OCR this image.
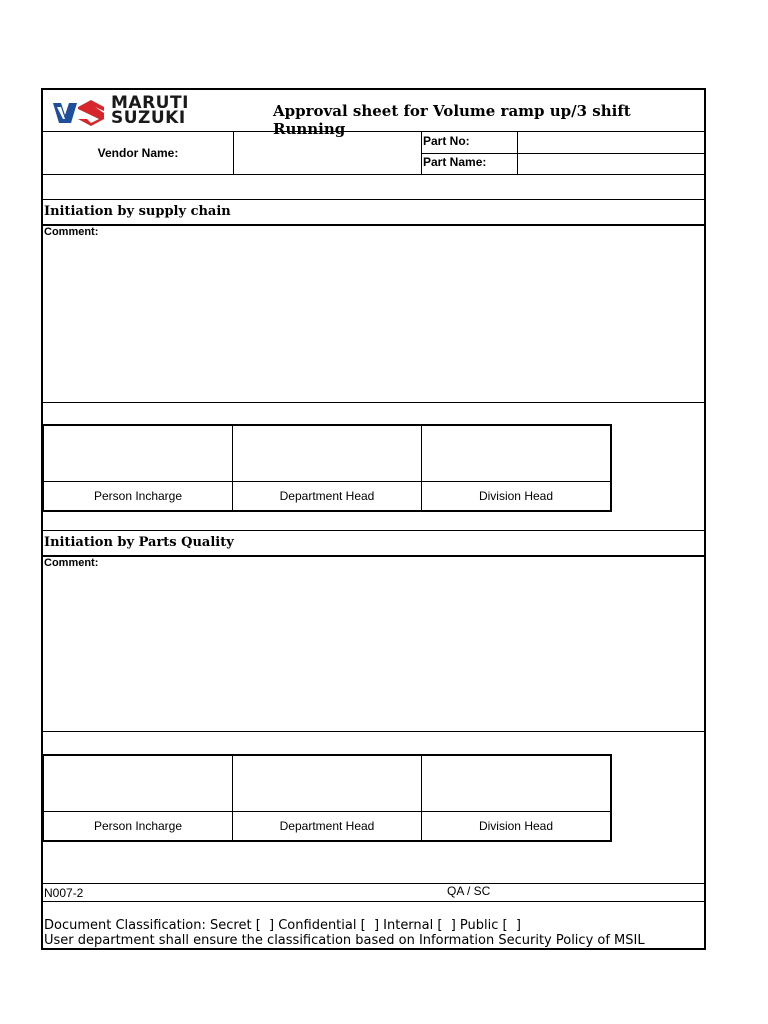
MARUTI
SUZUKI	Approval sheet for Volume ramp up/3 shift Running
Vendor Name:
Part No:
Part Name:
Initiation by supply chain
Comment:
Person Incharge	Department Head	Division Head
Initiation by Parts Quality
Comment:
Person Incharge	Department Head	Division Head
N007-2	QA / SC
Document Classification: Secret [  ] Confidential [  ] Internal [  ] Public [  ]
User department shall ensure the classification based on Information Security Policy of MSIL
